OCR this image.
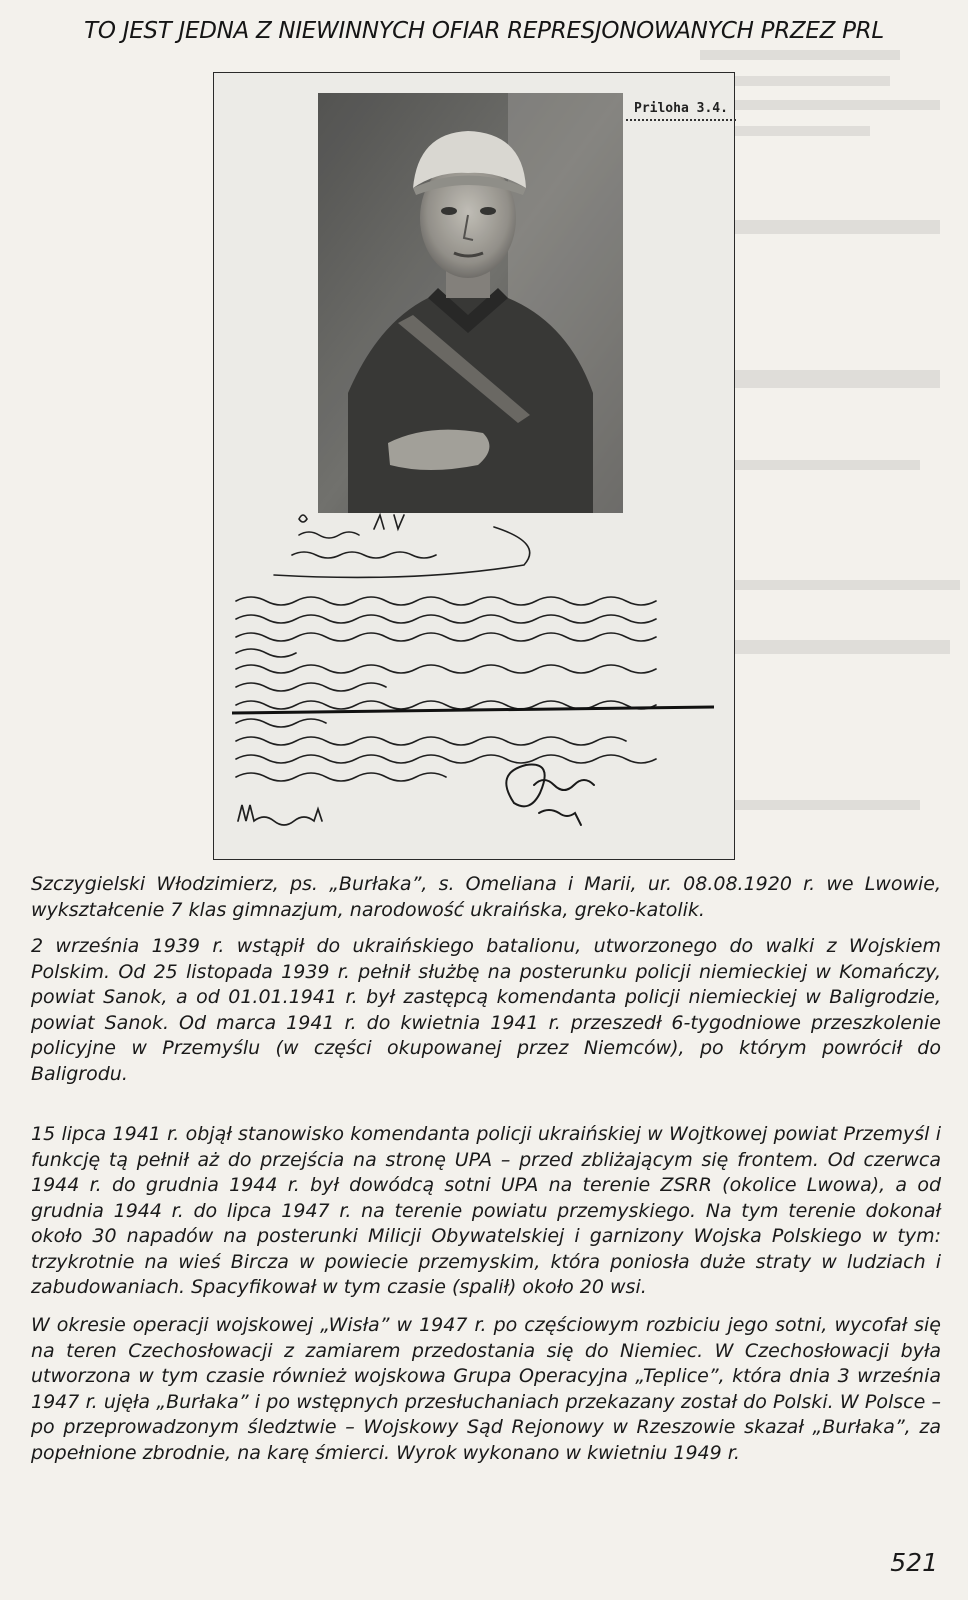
TO JEST JEDNA Z NIEWINNYCH OFIAR REPRESJONOWANYCH PRZEZ PRL
Priloha 3.4.

Szczygielski Włodzimierz, ps. „Burłaka”, s. Omeliana i Marii, ur. 08.08.1920 r. we Lwowie, wykształcenie 7 klas gimnazjum, narodowość ukraińska, greko-katolik.

2 września 1939 r. wstąpił do ukraińskiego batalionu, utworzonego do walki z Wojskiem Polskim. Od 25 listopada 1939 r. pełnił służbę na posterunku policji niemieckiej w Komańczy, powiat Sanok, a od 01.01.1941 r. był zastępcą komendanta policji niemieckiej w Baligrodzie, powiat Sanok. Od marca 1941 r. do kwietnia 1941 r. przeszedł 6-tygodniowe przeszkolenie policyjne w Przemyślu (w części okupowanej przez Niemców), po którym powrócił do Baligrodu.

15 lipca 1941 r. objął stanowisko komendanta policji ukraińskiej w Wojtkowej powiat Przemyśl i funkcję tą pełnił aż do przejścia na stronę UPA – przed zbliżającym się frontem. Od czerwca 1944 r. do grudnia 1944 r. był dowódcą sotni UPA na terenie ZSRR (okolice Lwowa), a od grudnia 1944 r. do lipca 1947 r. na terenie powiatu przemyskiego. Na tym terenie dokonał około 30 napadów na posterunki Milicji Obywatelskiej i garnizony Wojska Polskiego w tym: trzykrotnie na wieś Bircza w powiecie przemyskim, która poniosła duże straty w ludziach i zabudowaniach. Spacyfikował w tym czasie (spalił) około 20 wsi.

W okresie operacji wojskowej „Wisła” w 1947 r. po częściowym rozbiciu jego sotni, wycofał się na teren Czechosłowacji z zamiarem przedostania się do Niemiec. W Czechosłowacji była utworzona w tym czasie również wojskowa Grupa Operacyjna „Teplice”, która dnia 3 września 1947 r. ujęła „Burłaka” i po wstępnych przesłuchaniach przekazany został do Polski. W Polsce – po przeprowadzonym śledztwie – Wojskowy Sąd Rejonowy w Rzeszowie skazał „Burłaka”, za popełnione zbrodnie, na karę śmierci. Wyrok wykonano w kwietniu 1949 r.

521
